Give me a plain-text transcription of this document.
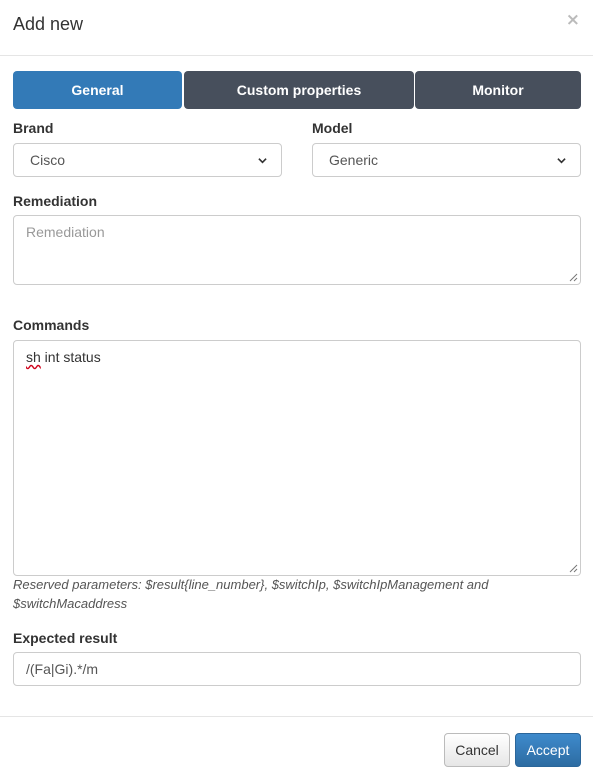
Add new	×
General	Custom properties	Monitor
Brand
Cisco
Model
Generic
Remediation
Remediation
Commands
sh int status
Reserved parameters: $result{line_number}, $switchIp, $switchIpManagement and $switchMacaddress
Expected result
/(Fa|Gi).*/m
Cancel	Accept
